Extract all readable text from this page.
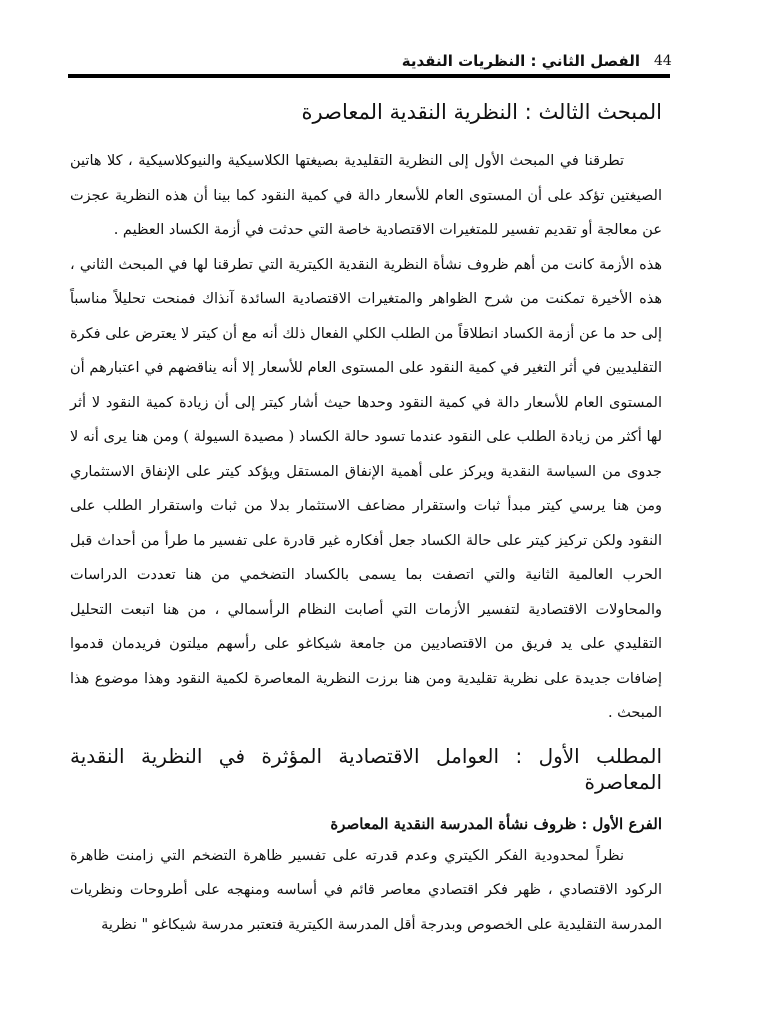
44
الفصل الثاني : النظريات النقدية
المبحث الثالث : النظرية النقدية المعاصرة

تطرقنا في المبحث الأول إلى النظرية التقليدية بصيغتها الكلاسيكية والنيوكلاسيكية ، كلا هاتين الصيغتين تؤكد على أن المستوى العام للأسعار دالة في كمية النقود كما بينا أن هذه النظرية عجزت عن معالجة أو تقديم تفسير للمتغيرات الاقتصادية خاصة التي حدثت في أزمة الكساد العظيم .

هذه الأزمة كانت من أهم ظروف نشأة النظرية النقدية الكيترية التي تطرقنا لها في المبحث الثاني ، هذه الأخيرة تمكنت من شرح الظواهر والمتغيرات الاقتصادية السائدة آنذاك فمنحت تحليلاً مناسباً إلى حد ما عن أزمة الكساد انطلاقاً من الطلب الكلي الفعال ذلك أنه مع أن كيتر لا يعترض على فكرة التقليديين في أثر التغير في كمية النقود على المستوى العام للأسعار إلا أنه يناقضهم في اعتبارهم أن المستوى العام للأسعار دالة في كمية النقود وحدها حيث أشار كيتر إلى أن زيادة كمية النقود لا أثر لها أكثر من زيادة الطلب على النقود عندما تسود حالة الكساد ( مصيدة السيولة ) ومن هنا يرى أنه لا جدوى من السياسة النقدية ويركز على أهمية الإنفاق المستقل ويؤكد كيتر على الإنفاق الاستثماري ومن هنا يرسي كيتر مبدأ ثبات واستقرار مضاعف الاستثمار بدلا من ثبات واستقرار الطلب على النقود ولكن تركيز كيتر على حالة الكساد جعل أفكاره غير قادرة على تفسير ما طرأ من أحداث قبل الحرب العالمية الثانية والتي اتصفت بما يسمى بالكساد التضخمي من هنا تعددت الدراسات والمحاولات الاقتصادية لتفسير الأزمات التي أصابت النظام الرأسمالي ، من هنا اتبعت التحليل التقليدي على يد فريق من الاقتصاديين من جامعة شيكاغو على رأسهم ميلتون فريدمان قدموا إضافات جديدة على نظرية تقليدية ومن هنا برزت النظرية المعاصرة لكمية النقود وهذا موضوع هذا المبحث .

المطلب الأول : العوامل الاقتصادية المؤثرة في النظرية النقدية المعاصرة
الفرع الأول : ظروف نشأة المدرسة النقدية المعاصرة

نظراً لمحدودية الفكر الكيتري وعدم قدرته على تفسير ظاهرة التضخم التي زامنت ظاهرة الركود الاقتصادي ، ظهر فكر اقتصادي معاصر قائم في أساسه ومنهجه على أطروحات ونظريات المدرسة التقليدية على الخصوص وبدرجة أقل المدرسة الكيترية فتعتبر مدرسة شيكاغو " نظرية
